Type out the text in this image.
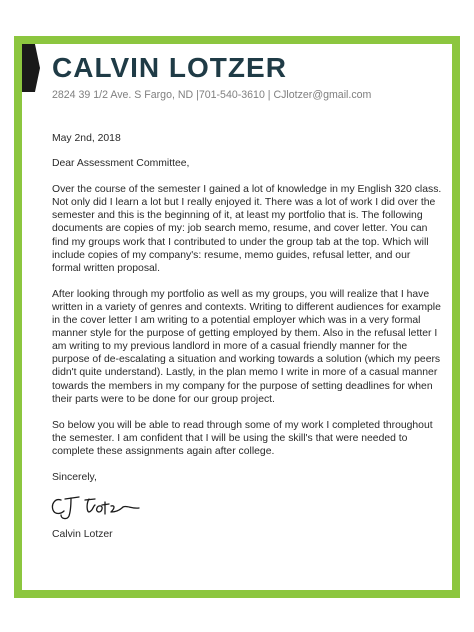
CALVIN LOTZER
2824 39 1/2 Ave. S Fargo, ND |701-540-3610 | CJlotzer@gmail.com

May 2nd, 2018

Dear Assessment Committee,

Over the course of the semester I gained a lot of knowledge in my English 320 class. Not only did I learn a lot but I really enjoyed it. There was a lot of work I did over the semester and this is the beginning of it, at least my portfolio that is. The following documents are copies of my: job search memo, resume, and cover letter. You can find my groups work that I contributed to under the group tab at the top. Which will include copies of my company's: resume, memo guides, refusal letter, and our formal written proposal.

After looking through my portfolio as well as my groups, you will realize that I have written in a variety of genres and contexts. Writing to different audiences for example in the cover letter I am writing to a potential employer which was in a very formal manner style for the purpose of getting employed by them. Also in the refusal letter I am writing to my previous landlord in more of a casual friendly manner for the purpose of de-escalating a situation and working towards a solution (which my peers didn't quite understand). Lastly, in the plan memo I write in more of a casual manner towards the members in my company for the purpose of setting deadlines for when their parts were to be done for our group project.

So below you will be able to read through some of my work I completed throughout the semester. I am confident that I will be using the skill's that were needed to complete these assignments again after college.

Sincerely,

Calvin Lotzer
